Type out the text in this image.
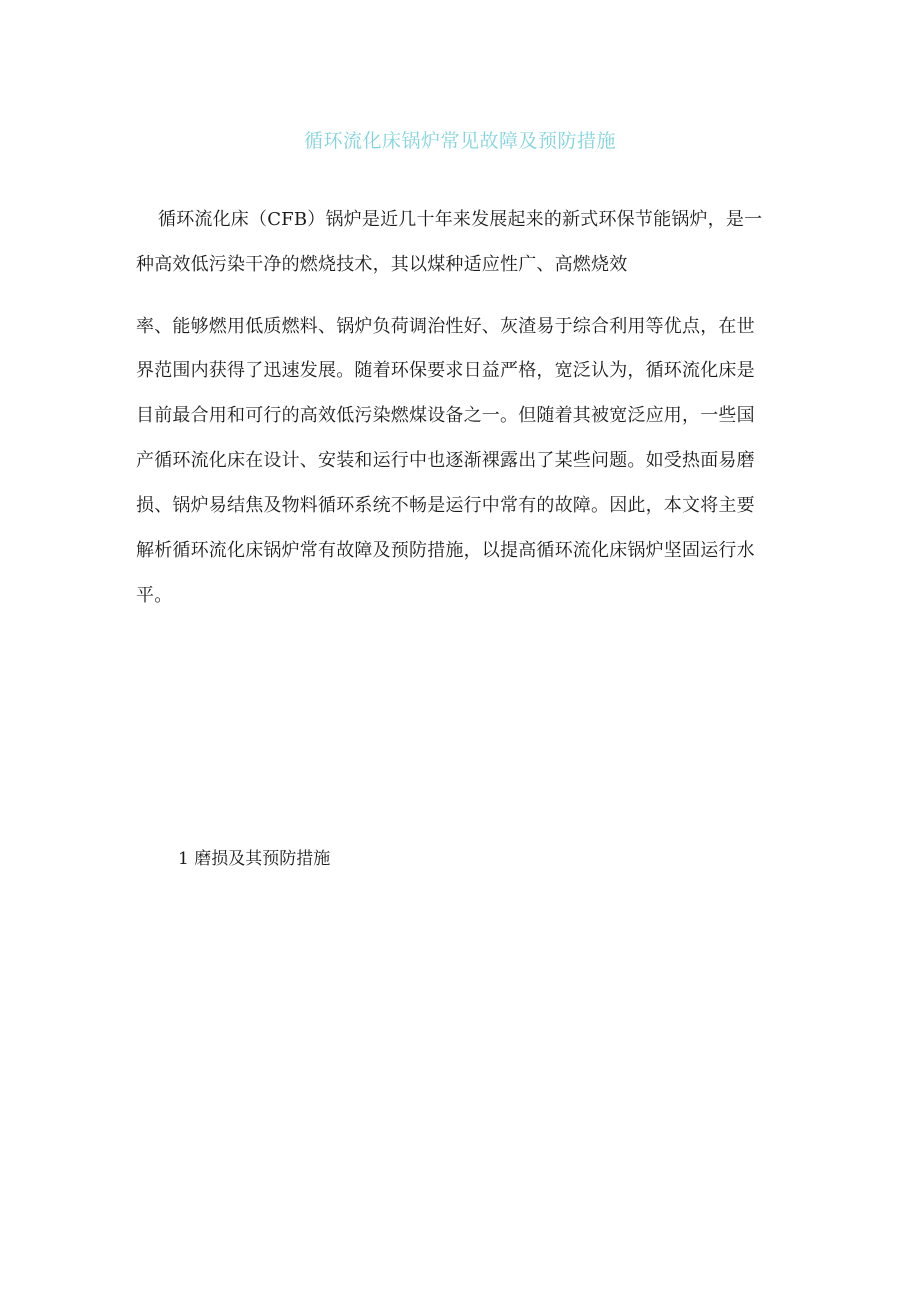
循环流化床锅炉常见故障及预防措施
循环流化床（CFB）锅炉是近几十年来发展起来的新式环保节能锅炉，是一
种高效低污染干净的燃烧技术，其以煤种适应性广、高燃烧效
率、能够燃用低质燃料、锅炉负荷调治性好、灰渣易于综合利用等优点，在世
界范围内获得了迅速发展。随着环保要求日益严格，宽泛认为，循环流化床是
目前最合用和可行的高效低污染燃煤设备之一。但随着其被宽泛应用，一些国
产循环流化床在设计、安装和运行中也逐渐裸露出了某些问题。如受热面易磨
损、锅炉易结焦及物料循环系统不畅是运行中常有的故障。因此，本文将主要
解析循环流化床锅炉常有故障及预防措施，以提高循环流化床锅炉坚固运行水
平。
1 磨损及其预防措施
